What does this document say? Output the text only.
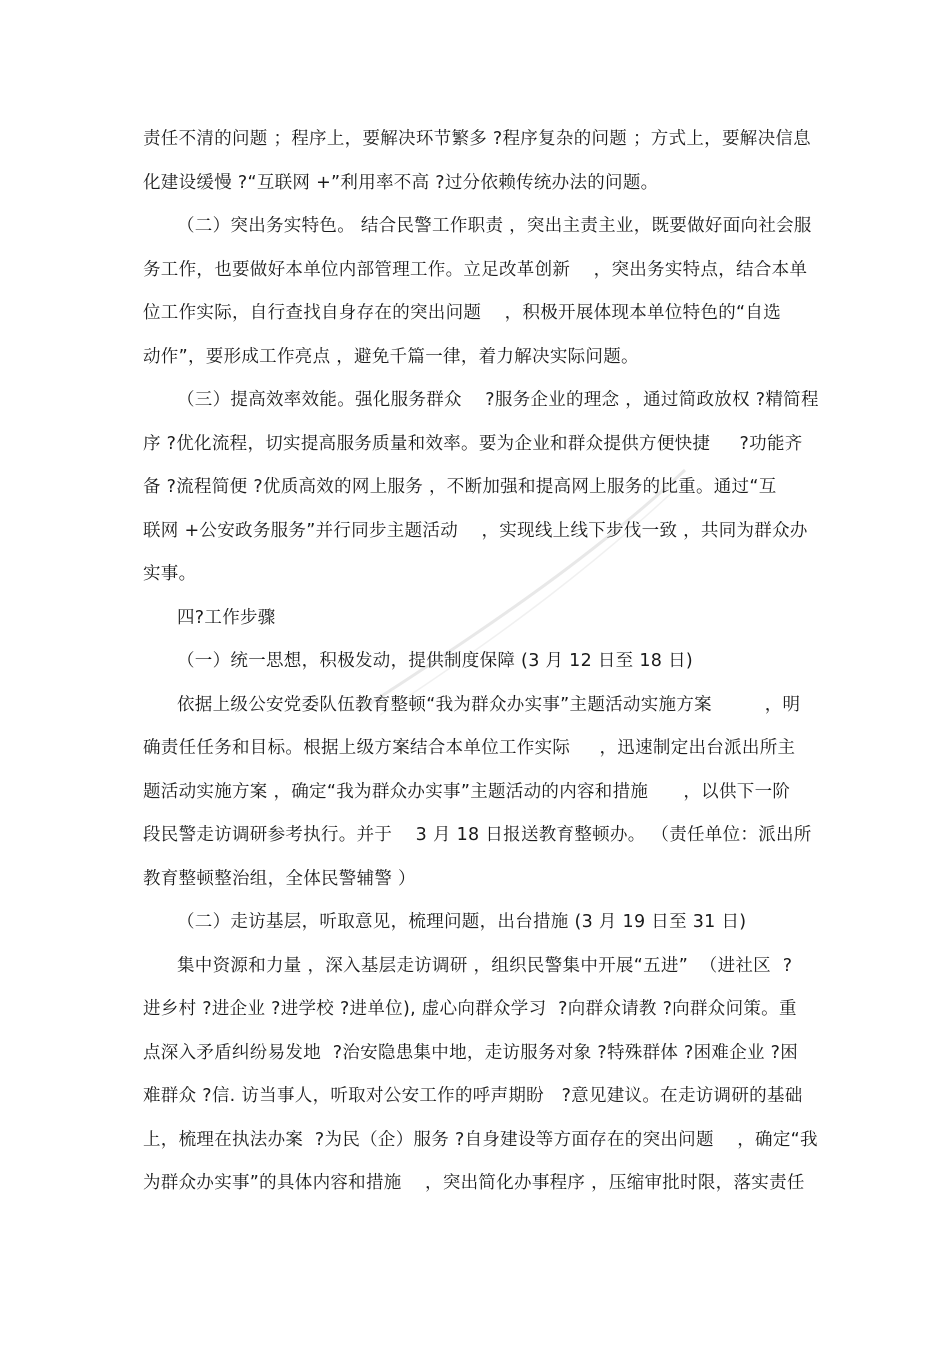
责任不清的问题 ；程序上，要解决环节繁多 ?程序复杂的问题 ；方式上，要解决信息
化建设缓慢 ?“互联网 +”利用率不高 ?过分依赖传统办法的问题。
（二）突出务实特色。 结合民警工作职责 ，突出主责主业，既要做好面向社会服
务工作，也要做好本单位内部管理工作。立足改革创新    ，突出务实特点，结合本单
位工作实际，自行查找自身存在的突出问题    ，积极开展体现本单位特色的“自选
动作”，要形成工作亮点 ，避免千篇一律，着力解决实际问题。
（三）提高效率效能。强化服务群众    ?服务企业的理念 ，通过简政放权 ?精简程
序 ?优化流程，切实提高服务质量和效率。要为企业和群众提供方便快捷     ?功能齐
备 ?流程简便 ?优质高效的网上服务 ，不断加强和提高网上服务的比重。通过“互
联网 +公安政务服务”并行同步主题活动    ，实现线上线下步伐一致 ，共同为群众办
实事。
四?工作步骤
（一）统一思想，积极发动，提供制度保障 (3 月 12 日至 18 日)
依据上级公安党委队伍教育整顿“我为群众办实事”主题活动实施方案         ，明
确责任任务和目标。根据上级方案结合本单位工作实际     ，迅速制定出台派出所主
题活动实施方案 ，确定“我为群众办实事”主题活动的内容和措施      ，以供下一阶
段民警走访调研参考执行。并于    3 月 18 日报送教育整顿办。 （责任单位：派出所
教育整顿整治组，全体民警辅警 ）
（二）走访基层，听取意见，梳理问题，出台措施 (3 月 19 日至 31 日)
集中资源和力量 ，深入基层走访调研 ，组织民警集中开展“五进”  （进社区  ?
进乡村 ?进企业 ?进学校 ?进单位), 虚心向群众学习  ?向群众请教 ?向群众问策。重
点深入矛盾纠纷易发地  ?治安隐患集中地，走访服务对象 ?特殊群体 ?困难企业 ?困
难群众 ?信. 访当事人，听取对公安工作的呼声期盼   ?意见建议。在走访调研的基础
上，梳理在执法办案  ?为民（企）服务 ?自身建设等方面存在的突出问题    ，确定“我
为群众办实事”的具体内容和措施    ，突出简化办事程序 ，压缩审批时限，落实责任
